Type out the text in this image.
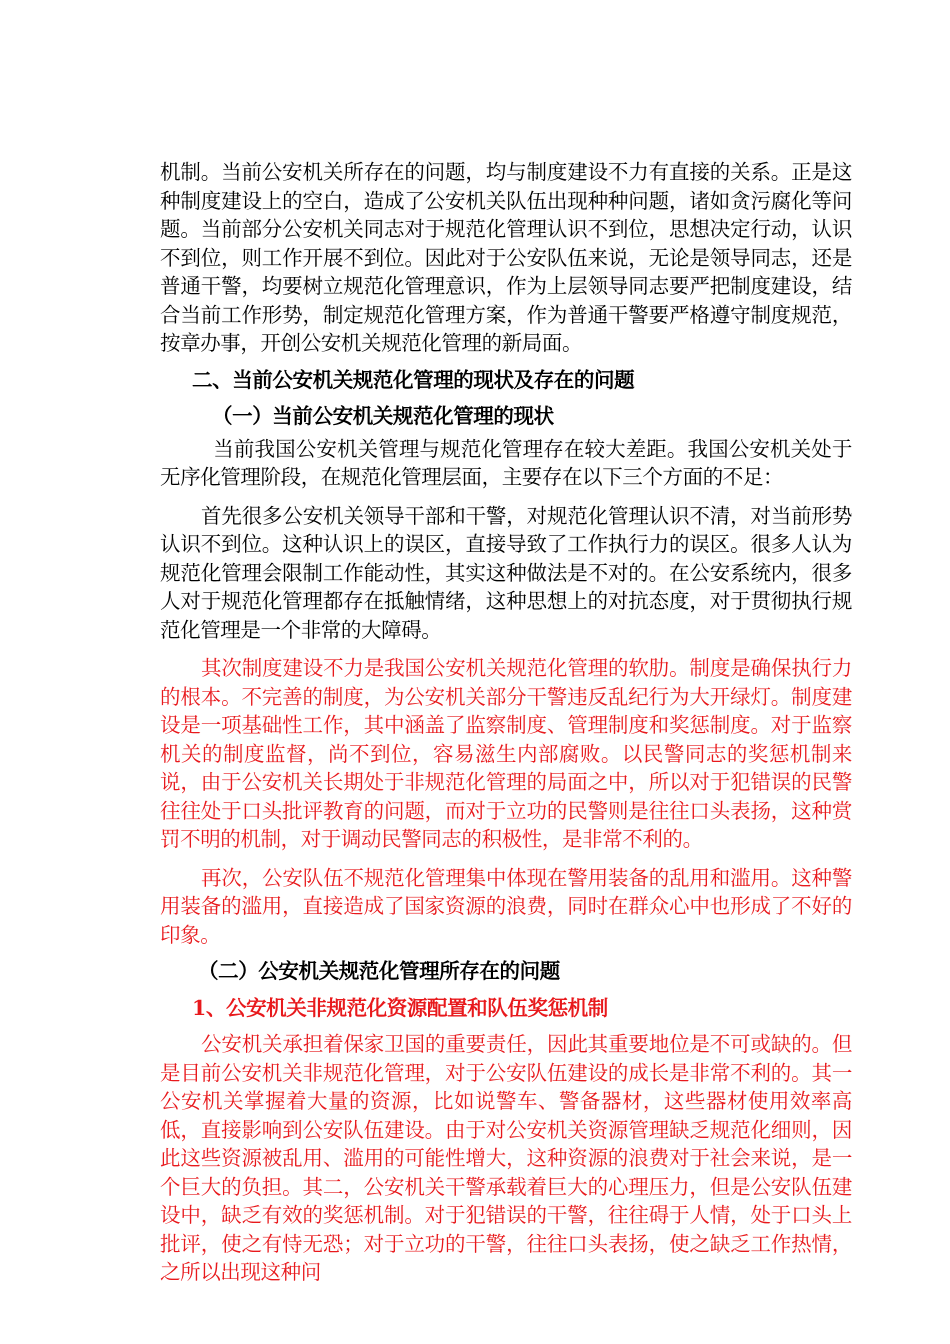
机制。当前公安机关所存在的问题，均与制度建设不力有直接的关系。正是这种制度建设上的空白，造成了公安机关队伍出现种种问题，诸如贪污腐化等问题。当前部分公安机关同志对于规范化管理认识不到位，思想决定行动，认识不到位，则工作开展不到位。因此对于公安队伍来说，无论是领导同志，还是普通干警，均要树立规范化管理意识，作为上层领导同志要严把制度建设，结合当前工作形势，制定规范化管理方案，作为普通干警要严格遵守制度规范，按章办事，开创公安机关规范化管理的新局面。

二、当前公安机关规范化管理的现状及存在的问题

（一）当前公安机关规范化管理的现状

当前我国公安机关管理与规范化管理存在较大差距。我国公安机关处于无序化管理阶段，在规范化管理层面，主要存在以下三个方面的不足：

首先很多公安机关领导干部和干警，对规范化管理认识不清，对当前形势认识不到位。这种认识上的误区，直接导致了工作执行力的误区。很多人认为规范化管理会限制工作能动性，其实这种做法是不对的。在公安系统内，很多人对于规范化管理都存在抵触情绪，这种思想上的对抗态度，对于贯彻执行规范化管理是一个非常的大障碍。

其次制度建设不力是我国公安机关规范化管理的软肋。制度是确保执行力的根本。不完善的制度，为公安机关部分干警违反乱纪行为大开绿灯。制度建设是一项基础性工作，其中涵盖了监察制度、管理制度和奖惩制度。对于监察机关的制度监督，尚不到位，容易滋生内部腐败。以民警同志的奖惩机制来说，由于公安机关长期处于非规范化管理的局面之中，所以对于犯错误的民警往往处于口头批评教育的问题，而对于立功的民警则是往往口头表扬，这种赏罚不明的机制，对于调动民警同志的积极性，是非常不利的。

再次，公安队伍不规范化管理集中体现在警用装备的乱用和滥用。这种警用装备的滥用，直接造成了国家资源的浪费，同时在群众心中也形成了不好的印象。

（二）公安机关规范化管理所存在的问题

1、公安机关非规范化资源配置和队伍奖惩机制

公安机关承担着保家卫国的重要责任，因此其重要地位是不可或缺的。但是目前公安机关非规范化管理，对于公安队伍建设的成长是非常不利的。其一公安机关掌握着大量的资源，比如说警车、警备器材，这些器材使用效率高低，直接影响到公安队伍建设。由于对公安机关资源管理缺乏规范化细则，因此这些资源被乱用、滥用的可能性增大，这种资源的浪费对于社会来说，是一个巨大的负担。其二，公安机关干警承载着巨大的心理压力，但是公安队伍建设中，缺乏有效的奖惩机制。对于犯错误的干警，往往碍于人情，处于口头上批评，使之有恃无恐；对于立功的干警，往往口头表扬，使之缺乏工作热情，之所以出现这种问
